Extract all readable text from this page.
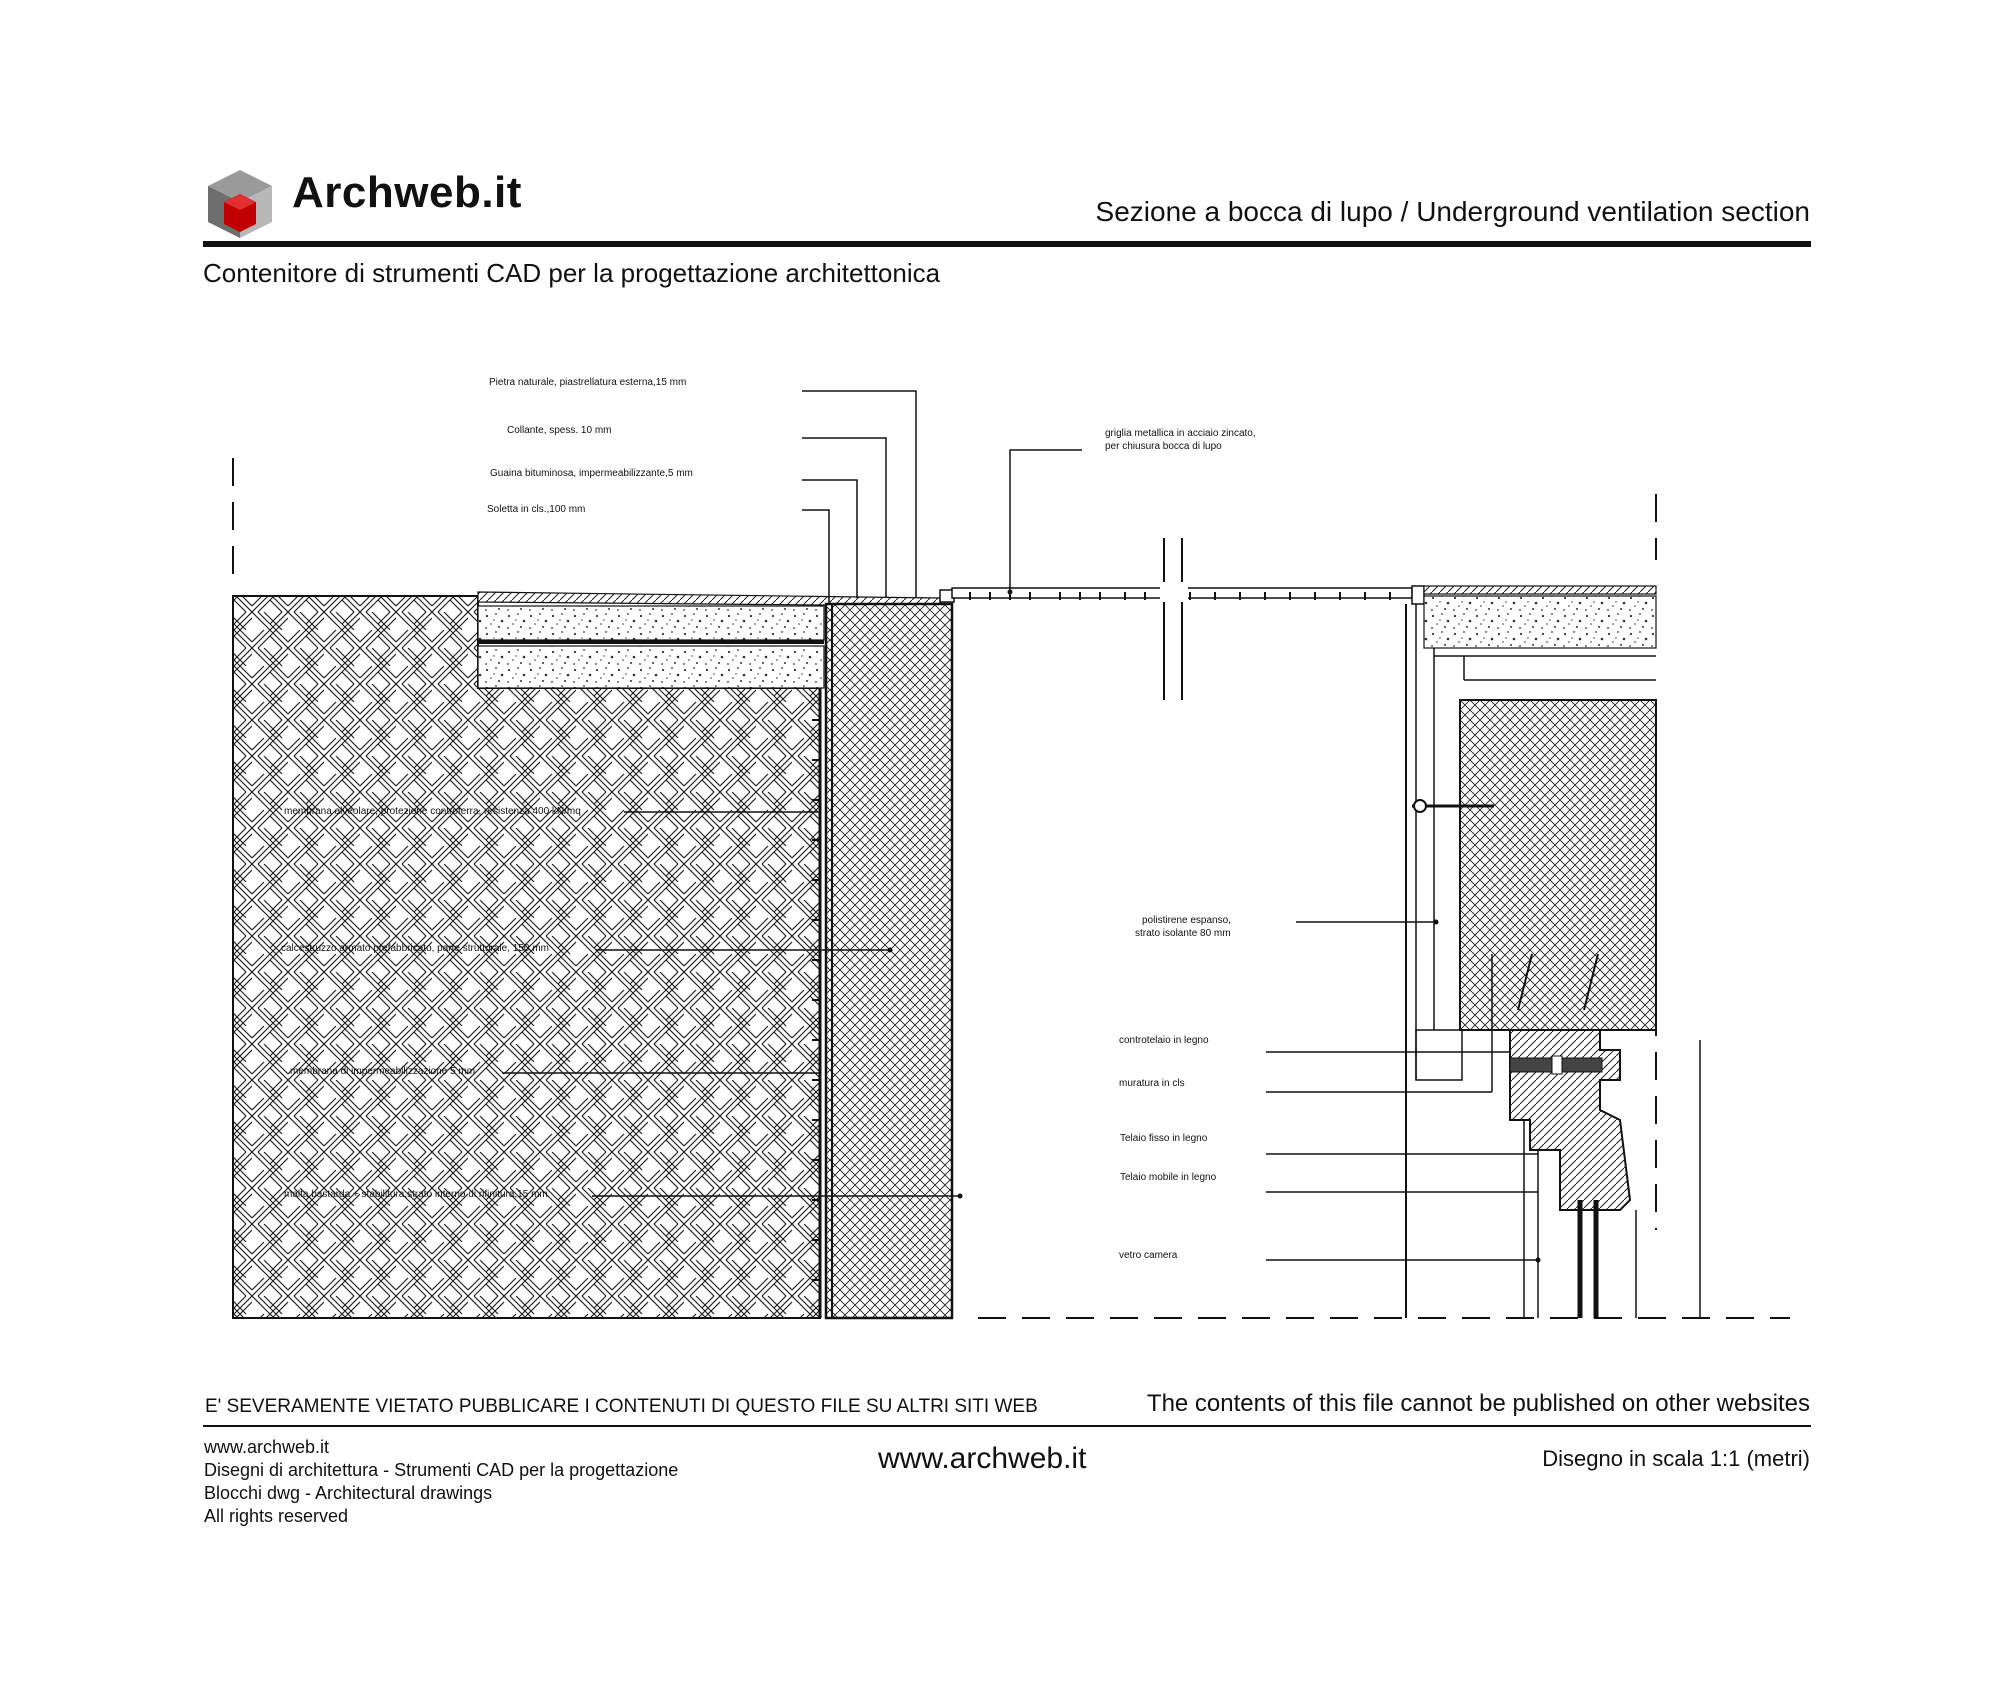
Archweb.it	Sezione a bocca di lupo / Underground ventilation section
Contenitore di strumenti CAD per la progettazione architettonica
Pietra naturale, piastrellatura esterna,15 mm
Collante, spess. 10 mm
Guaina bituminosa, impermeabilizzante,5 mm
Soletta in cls.,100 mm
griglia metallica in acciaio zincato,
per chiusura bocca di lupo
membrana alveolare, protezione controterra, resistenza 400 kN/mq
calcestruzzo armato prefabbricato, parte strutturale, 150 mm
membrana di impermeabilizzazione 5 mm
malta bastarda + stabilitura,strato interno di rifinitura,15 mm
polistirene espanso,
strato isolante 80 mm
controtelaio in legno
muratura in cls
Telaio fisso in legno
Telaio mobile in legno
vetro camera
E' SEVERAMENTE VIETATO PUBBLICARE I CONTENUTI DI QUESTO FILE SU ALTRI SITI WEB	The contents of this file cannot be published on other websites
www.archweb.it
Disegni di architettura - Strumenti CAD per la progettazione
Blocchi dwg - Architectural drawings
All rights reserved
www.archweb.it	Disegno in scala 1:1 (metri)
